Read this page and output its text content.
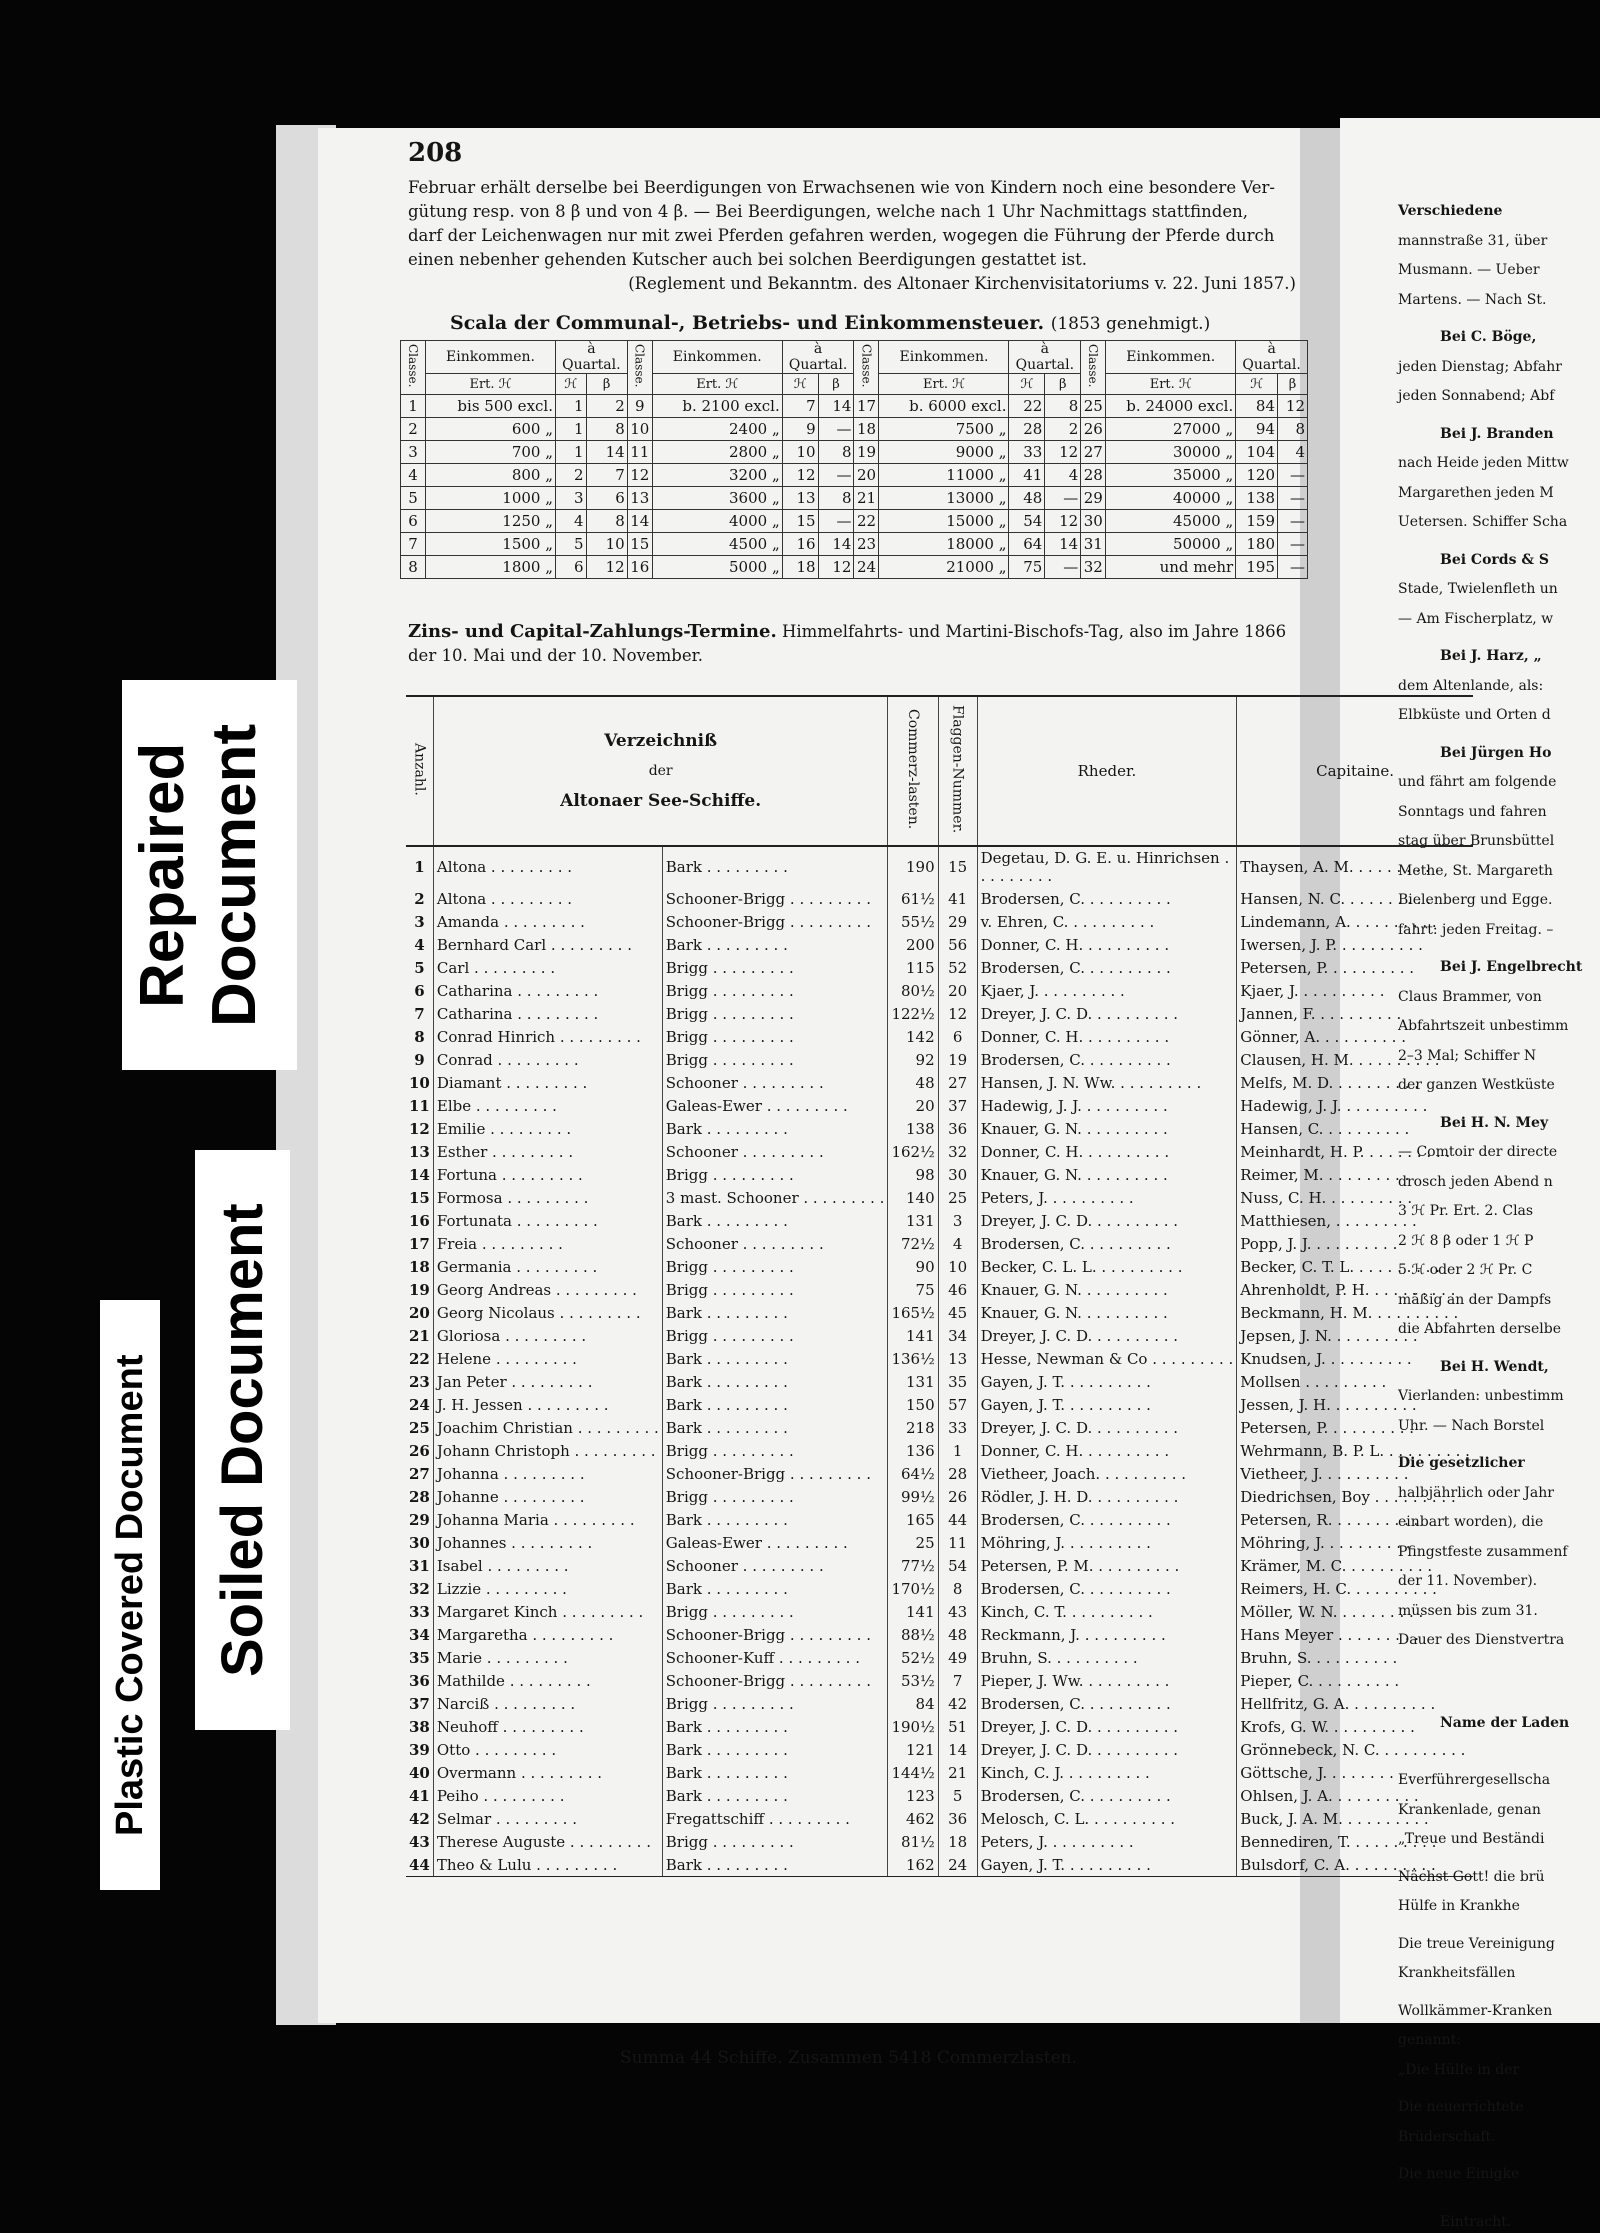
208

Februar erhält derselbe bei Beerdigungen von Erwachsenen wie von Kindern noch eine besondere Ver-

gütung resp. von 8 β und von 4 β. — Bei Beerdigungen, welche nach 1 Uhr Nachmittags stattfinden,

darf der Leichenwagen nur mit zwei Pferden gefahren werden, wogegen die Führung der Pferde durch

einen nebenher gehenden Kutscher auch bei solchen Beerdigungen gestattet ist.

(Reglement und Bekanntm. des Altonaer Kirchenvisitatoriums v. 22. Juni 1857.)

Scala der Communal-, Betriebs- und Einkommensteuer. (1853 genehmigt.)
Classe.	Einkommen.	à Quartal.		Classe.	Einkommen.	à Quartal.		Classe.	Einkommen.	à Quartal.		Classe.	Einkommen.	à Quartal.	
	Ert. ℋ	ℋ	β		Ert. ℋ	ℋ	β		Ert. ℋ	ℋ	β		Ert. ℋ	ℋ	β
1	bis 500 excl.	1	2	9	b. 2100 excl.	7	14	17	b. 6000 excl.	22	8	25	b. 24000 excl.	84	12
2	600 „	1	8	10	2400 „	9	—	18	7500 „	28	2	26	27000 „	94	8
3	700 „	1	14	11	2800 „	10	8	19	9000 „	33	12	27	30000 „	104	4
4	800 „	2	7	12	3200 „	12	—	20	11000 „	41	4	28	35000 „	120	—
5	1000 „	3	6	13	3600 „	13	8	21	13000 „	48	—	29	40000 „	138	—
6	1250 „	4	8	14	4000 „	15	—	22	15000 „	54	12	30	45000 „	159	—
7	1500 „	5	10	15	4500 „	16	14	23	18000 „	64	14	31	50000 „	180	—
8	1800 „	6	12	16	5000 „	18	12	24	21000 „	75	—	32	und mehr	195	—
Zins- und Capital-Zahlungs-Termine. Himmelfahrts- und Martini-Bischofs-Tag, also im Jahre 1866 der 10. Mai und der 10. November.
Anzahl.	Verzeichniß
der
Altonaer See-Schiffe.		Commerz-lasten.	Flaggen-Nummer.	Rheder.	Capitaine.
1	Altona . . . . . . . . .	Bark . . . . . . . . .	190	15	Degetau, D. G. E. u. Hinrichsen . . . . . . . . .	Thaysen, A. M. . . . . . . . . .
2	Altona . . . . . . . . .	Schooner-Brigg . . . . . . . . .	61½	41	Brodersen, C. . . . . . . . . .	Hansen, N. C. . . . . . . . . .
3	Amanda . . . . . . . . .	Schooner-Brigg . . . . . . . . .	55½	29	v. Ehren, C. . . . . . . . . .	Lindemann, A. . . . . . . . . .
4	Bernhard Carl . . . . . . . . .	Bark . . . . . . . . .	200	56	Donner, C. H. . . . . . . . . .	Iwersen, J. P. . . . . . . . . .
5	Carl . . . . . . . . .	Brigg . . . . . . . . .	115	52	Brodersen, C. . . . . . . . . .	Petersen, P. . . . . . . . . .
6	Catharina . . . . . . . . .	Brigg . . . . . . . . .	80½	20	Kjaer, J. . . . . . . . . .	Kjaer, J. . . . . . . . . .
7	Catharina . . . . . . . . .	Brigg . . . . . . . . .	122½	12	Dreyer, J. C. D. . . . . . . . . .	Jannen, F. . . . . . . . . .
8	Conrad Hinrich . . . . . . . . .	Brigg . . . . . . . . .	142	6	Donner, C. H. . . . . . . . . .	Gönner, A. . . . . . . . . .
9	Conrad . . . . . . . . .	Brigg . . . . . . . . .	92	19	Brodersen, C. . . . . . . . . .	Clausen, H. M. . . . . . . . . .
10	Diamant . . . . . . . . .	Schooner . . . . . . . . .	48	27	Hansen, J. N. Ww. . . . . . . . . .	Melfs, M. D. . . . . . . . . .
11	Elbe . . . . . . . . .	Galeas-Ewer . . . . . . . . .	20	37	Hadewig, J. J. . . . . . . . . .	Hadewig, J. J. . . . . . . . . .
12	Emilie . . . . . . . . .	Bark . . . . . . . . .	138	36	Knauer, G. N. . . . . . . . . .	Hansen, C. . . . . . . . . .
13	Esther . . . . . . . . .	Schooner . . . . . . . . .	162½	32	Donner, C. H. . . . . . . . . .	Meinhardt, H. P. . . . . . . . . .
14	Fortuna . . . . . . . . .	Brigg . . . . . . . . .	98	30	Knauer, G. N. . . . . . . . . .	Reimer, M. . . . . . . . . .
15	Formosa . . . . . . . . .	3 mast. Schooner . . . . . . . . .	140	25	Peters, J. . . . . . . . . .	Nuss, C. H. . . . . . . . . .
16	Fortunata . . . . . . . . .	Bark . . . . . . . . .	131	3	Dreyer, J. C. D. . . . . . . . . .	Matthiesen, . . . . . . . . .
17	Freia . . . . . . . . .	Schooner . . . . . . . . .	72½	4	Brodersen, C. . . . . . . . . .	Popp, J. J. . . . . . . . . .
18	Germania . . . . . . . . .	Brigg . . . . . . . . .	90	10	Becker, C. L. L. . . . . . . . . .	Becker, C. T. L. . . . . . . . . .
19	Georg Andreas . . . . . . . . .	Brigg . . . . . . . . .	75	46	Knauer, G. N. . . . . . . . . .	Ahrenholdt, P. H. . . . . . . . . .
20	Georg Nicolaus . . . . . . . . .	Bark . . . . . . . . .	165½	45	Knauer, G. N. . . . . . . . . .	Beckmann, H. M. . . . . . . . . .
21	Gloriosa . . . . . . . . .	Brigg . . . . . . . . .	141	34	Dreyer, J. C. D. . . . . . . . . .	Jepsen, J. N. . . . . . . . . .
22	Helene . . . . . . . . .	Bark . . . . . . . . .	136½	13	Hesse, Newman & Co . . . . . . . . .	Knudsen, J. . . . . . . . . .
23	Jan Peter . . . . . . . . .	Bark . . . . . . . . .	131	35	Gayen, J. T. . . . . . . . . .	Mollsen . . . . . . . . .
24	J. H. Jessen . . . . . . . . .	Bark . . . . . . . . .	150	57	Gayen, J. T. . . . . . . . . .	Jessen, J. H. . . . . . . . . .
25	Joachim Christian . . . . . . . . .	Bark . . . . . . . . .	218	33	Dreyer, J. C. D. . . . . . . . . .	Petersen, P. . . . . . . . . .
26	Johann Christoph . . . . . . . . .	Brigg . . . . . . . . .	136	1	Donner, C. H. . . . . . . . . .	Wehrmann, B. P. L. . . . . . . . . .
27	Johanna . . . . . . . . .	Schooner-Brigg . . . . . . . . .	64½	28	Vietheer, Joach. . . . . . . . . .	Vietheer, J. . . . . . . . . .
28	Johanne . . . . . . . . .	Brigg . . . . . . . . .	99½	26	Rödler, J. H. D. . . . . . . . . .	Diedrichsen, Boy . . . . . . . . .
29	Johanna Maria . . . . . . . . .	Bark . . . . . . . . .	165	44	Brodersen, C. . . . . . . . . .	Petersen, R. . . . . . . . . .
30	Johannes . . . . . . . . .	Galeas-Ewer . . . . . . . . .	25	11	Möhring, J. . . . . . . . . .	Möhring, J. . . . . . . . . .
31	Isabel . . . . . . . . .	Schooner . . . . . . . . .	77½	54	Petersen, P. M. . . . . . . . . .	Krämer, M. C. . . . . . . . . .
32	Lizzie . . . . . . . . .	Bark . . . . . . . . .	170½	8	Brodersen, C. . . . . . . . . .	Reimers, H. C. . . . . . . . . .
33	Margaret Kinch . . . . . . . . .	Brigg . . . . . . . . .	141	43	Kinch, C. T. . . . . . . . . .	Möller, W. N. . . . . . . . . .
34	Margaretha . . . . . . . . .	Schooner-Brigg . . . . . . . . .	88½	48	Reckmann, J. . . . . . . . . .	Hans Meyer . . . . . . . . .
35	Marie . . . . . . . . .	Schooner-Kuff . . . . . . . . .	52½	49	Bruhn, S. . . . . . . . . .	Bruhn, S. . . . . . . . . .
36	Mathilde . . . . . . . . .	Schooner-Brigg . . . . . . . . .	53½	7	Pieper, J. Ww. . . . . . . . . .	Pieper, C. . . . . . . . . .
37	Narciß . . . . . . . . .	Brigg . . . . . . . . .	84	42	Brodersen, C. . . . . . . . . .	Hellfritz, G. A. . . . . . . . . .
38	Neuhoff . . . . . . . . .	Bark . . . . . . . . .	190½	51	Dreyer, J. C. D. . . . . . . . . .	Krofs, G. W. . . . . . . . . .
39	Otto . . . . . . . . .	Bark . . . . . . . . .	121	14	Dreyer, J. C. D. . . . . . . . . .	Grönnebeck, N. C. . . . . . . . . .
40	Overmann . . . . . . . . .	Bark . . . . . . . . .	144½	21	Kinch, C. J. . . . . . . . . .	Göttsche, J. . . . . . . . . .
41	Peiho . . . . . . . . .	Bark . . . . . . . . .	123	5	Brodersen, C. . . . . . . . . .	Ohlsen, J. A. . . . . . . . . .
42	Selmar . . . . . . . . .	Fregattschiff . . . . . . . . .	462	36	Melosch, C. L. . . . . . . . . .	Buck, J. A. M. . . . . . . . . .
43	Therese Auguste . . . . . . . . .	Brigg . . . . . . . . .	81½	18	Peters, J. . . . . . . . . .	Bennediren, T. . . . . . . . . .
44	Theo & Lulu . . . . . . . . .	Bark . . . . . . . . .	162	24	Gayen, J. T. . . . . . . . . .	Bulsdorf, C. A. . . . . . . . . .
Summa 44 Schiffe. Zusammen 5418 Commerzlasten.
Verschiedene
mannstraße 31, über
Musmann. — Ueber
Martens. — Nach St.
Bei C. Böge,
jeden Dienstag; Abfahr
jeden Sonnabend; Abf
Bei J. Branden
nach Heide jeden Mittw
Margarethen jeden M
Uetersen. Schiffer Scha
Bei Cords & S
Stade, Twielenfleth un
— Am Fischerplatz, w
Bei J. Harz, „
dem Altenlande, als:
Elbküste und Orten d
Bei Jürgen Ho
und fährt am folgende
Sonntags und fahren
stag über Brunsbüttel
Methe, St. Margareth
Bielenberg und Egge.
fahrt: jeden Freitag. –
Bei J. Engelbrecht
Claus Brammer, von
Abfahrtszeit unbestimm
2–3 Mal; Schiffer N
der ganzen Westküste
Bei H. N. Mey
— Comtoir der directe
drosch jeden Abend n
3 ℋ Pr. Ert. 2. Clas
2 ℋ 8 β oder 1 ℋ P
5 ℋ oder 2 ℋ Pr. C
mäßig an der Dampfs
die Abfahrten derselbe
Bei H. Wendt,
Vierlanden: unbestimm
Uhr. — Nach Borstel
Die gesetzlicher
halbjährlich oder Jahr
einbart worden), die
Pfingstfeste zusammenf
der 11. November).
müssen bis zum 31.
Dauer des Dienstvertra
Name der Laden
Everführergesellscha
Krankenlade, genan
„Treue und Beständi
Nächst Gott! die brü
Hülfe in Krankhe
Die treue Vereinigung
Krankheitsfällen
Wollkämmer-Kranken
genannt:
„Die Hülfe in der
Die neuerrichtete
Brüderschaft.
Die neue Einigke
Eintracht.
Repaired Document
Soiled Document
Plastic Covered Document
